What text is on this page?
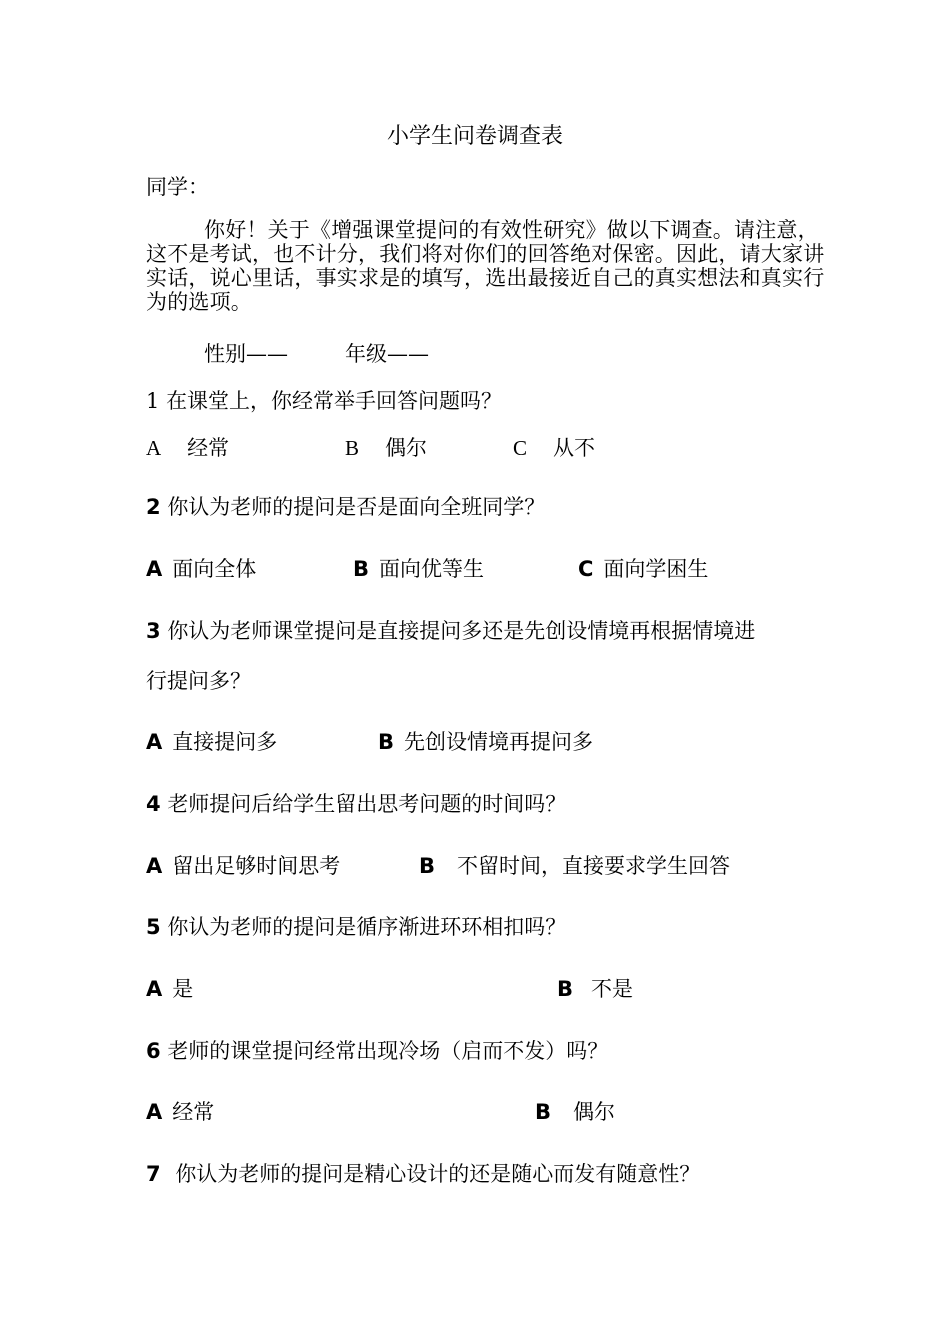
小学生问卷调查表
同学：
你好！关于《增强课堂提问的有效性研究》做以下调查。请注意，这不是考试，也不计分，我们将对你们的回答绝对保密。因此，请大家讲实话，说心里话，事实求是的填写，选出最接近自己的真实想法和真实行为的选项。
性别——	年级——
1 在课堂上，你经常举手回答问题吗？
A 经常	B 偶尔	C 从不
2 你认为老师的提问是否是面向全班同学？
A 面向全体	B 面向优等生	C 面向学困生
3 你认为老师课堂提问是直接提问多还是先创设情境再根据情境进
行提问多？
A 直接提问多	B 先创设情境再提问多
4 老师提问后给学生留出思考问题的时间吗？
A 留出足够时间思考	B 不留时间，直接要求学生回答
5 你认为老师的提问是循序渐进环环相扣吗？
A 是	B 不是
6 老师的课堂提问经常出现冷场（启而不发）吗？
A 经常	B 偶尔
7 你认为老师的提问是精心设计的还是随心而发有随意性？
